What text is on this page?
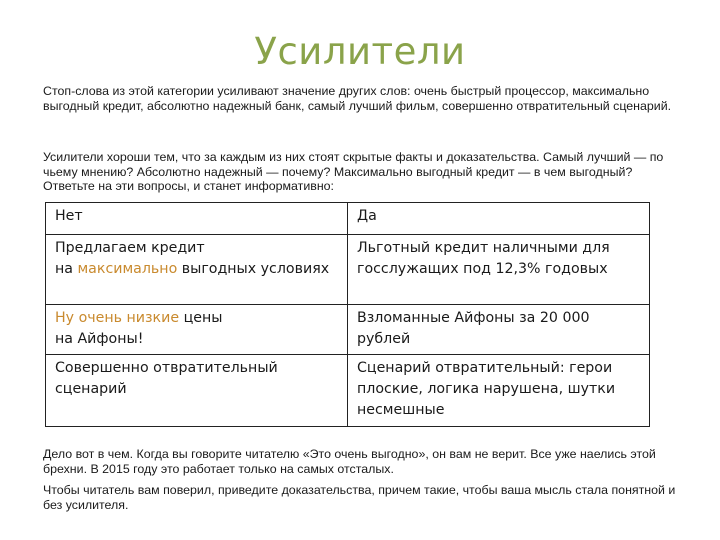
Усилители
Стоп-слова из этой категории усиливают значение других слов: очень быстрый процессор, максимально выгодный кредит, абсолютно надежный банк, самый лучший фильм, совершенно отвратительный сценарий.
Усилители хороши тем, что за каждым из них стоят скрытые факты и доказательства. Самый лучший — по чьему мнению? Абсолютно надежный — почему? Максимально выгодный кредит — в чем выгодный? Ответьте на эти вопросы, и станет информативно:
Нет	Да
Предлагаем кредит
на максимально выгодных условиях	Льготный кредит наличными для госслужащих под 12,3% годовых
Ну очень низкие цены
на Айфоны!	Взломанные Айфоны за 20 000 рублей
Совершенно отвратительный сценарий	Сценарий отвратительный: герои плоские, логика нарушена, шутки несмешные
Дело вот в чем. Когда вы говорите читателю «Это очень выгодно», он вам не верит. Все уже наелись этой брехни. В 2015 году это работает только на самых отсталых.
Чтобы читатель вам поверил, приведите доказательства, причем такие, чтобы ваша мысль стала понятной и без усилителя.
